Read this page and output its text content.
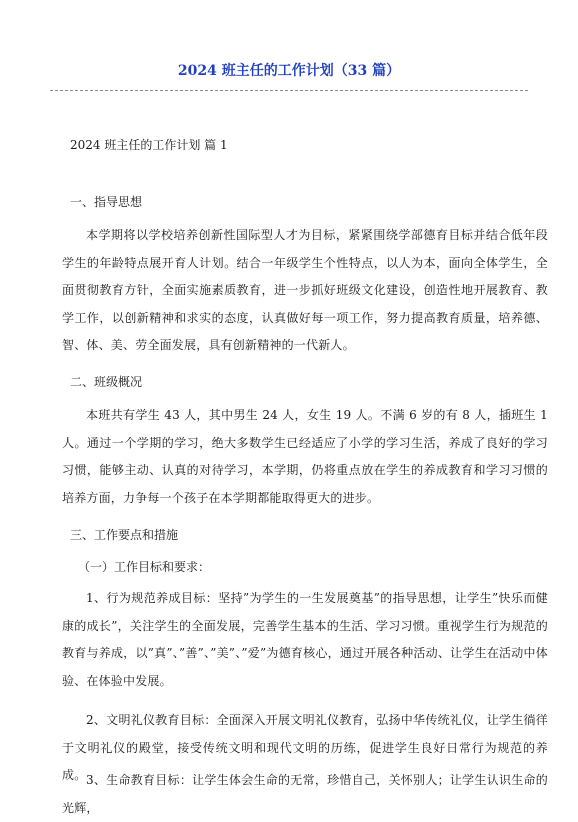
2024 班主任的工作计划（33 篇）
2024 班主任的工作计划 篇 1
一、指导思想

本学期将以学校培养创新性国际型人才为目标，紧紧围绕学部德育目标并结合低年段学生的年龄特点展开育人计划。结合一年级学生个性特点，以人为本，面向全体学生，全面贯彻教育方针，全面实施素质教育，进一步抓好班级文化建设，创造性地开展教育、教学工作，以创新精神和求实的态度，认真做好每一项工作，努力提高教育质量，培养德、智、体、美、劳全面发展，具有创新精神的一代新人。

二、班级概况

本班共有学生 43 人，其中男生 24 人，女生 19 人。不满 6 岁的有 8 人，插班生 1 人。通过一个学期的学习，绝大多数学生已经适应了小学的学习生活，养成了良好的学习习惯，能够主动、认真的对待学习，本学期，仍将重点放在学生的养成教育和学习习惯的培养方面，力争每一个孩子在本学期都能取得更大的进步。

三、工作要点和措施
（一）工作目标和要求：

1、行为规范养成目标：坚持”为学生的一生发展奠基”的指导思想，让学生”快乐而健康的成长”，关注学生的全面发展，完善学生基本的生活、学习习惯。重视学生行为规范的教育与养成，以”真”、”善”、”美”、”爱”为德育核心，通过开展各种活动、让学生在活动中体验、在体验中发展。

2、文明礼仪教育目标：全面深入开展文明礼仪教育，弘扬中华传统礼仪，让学生徜徉于文明礼仪的殿堂，接受传统文明和现代文明的历练，促进学生良好日常行为规范的养成。 3、生命教育目标：让学生体会生命的无常，珍惜自己，关怀别人；让学生认识生命的光辉，
